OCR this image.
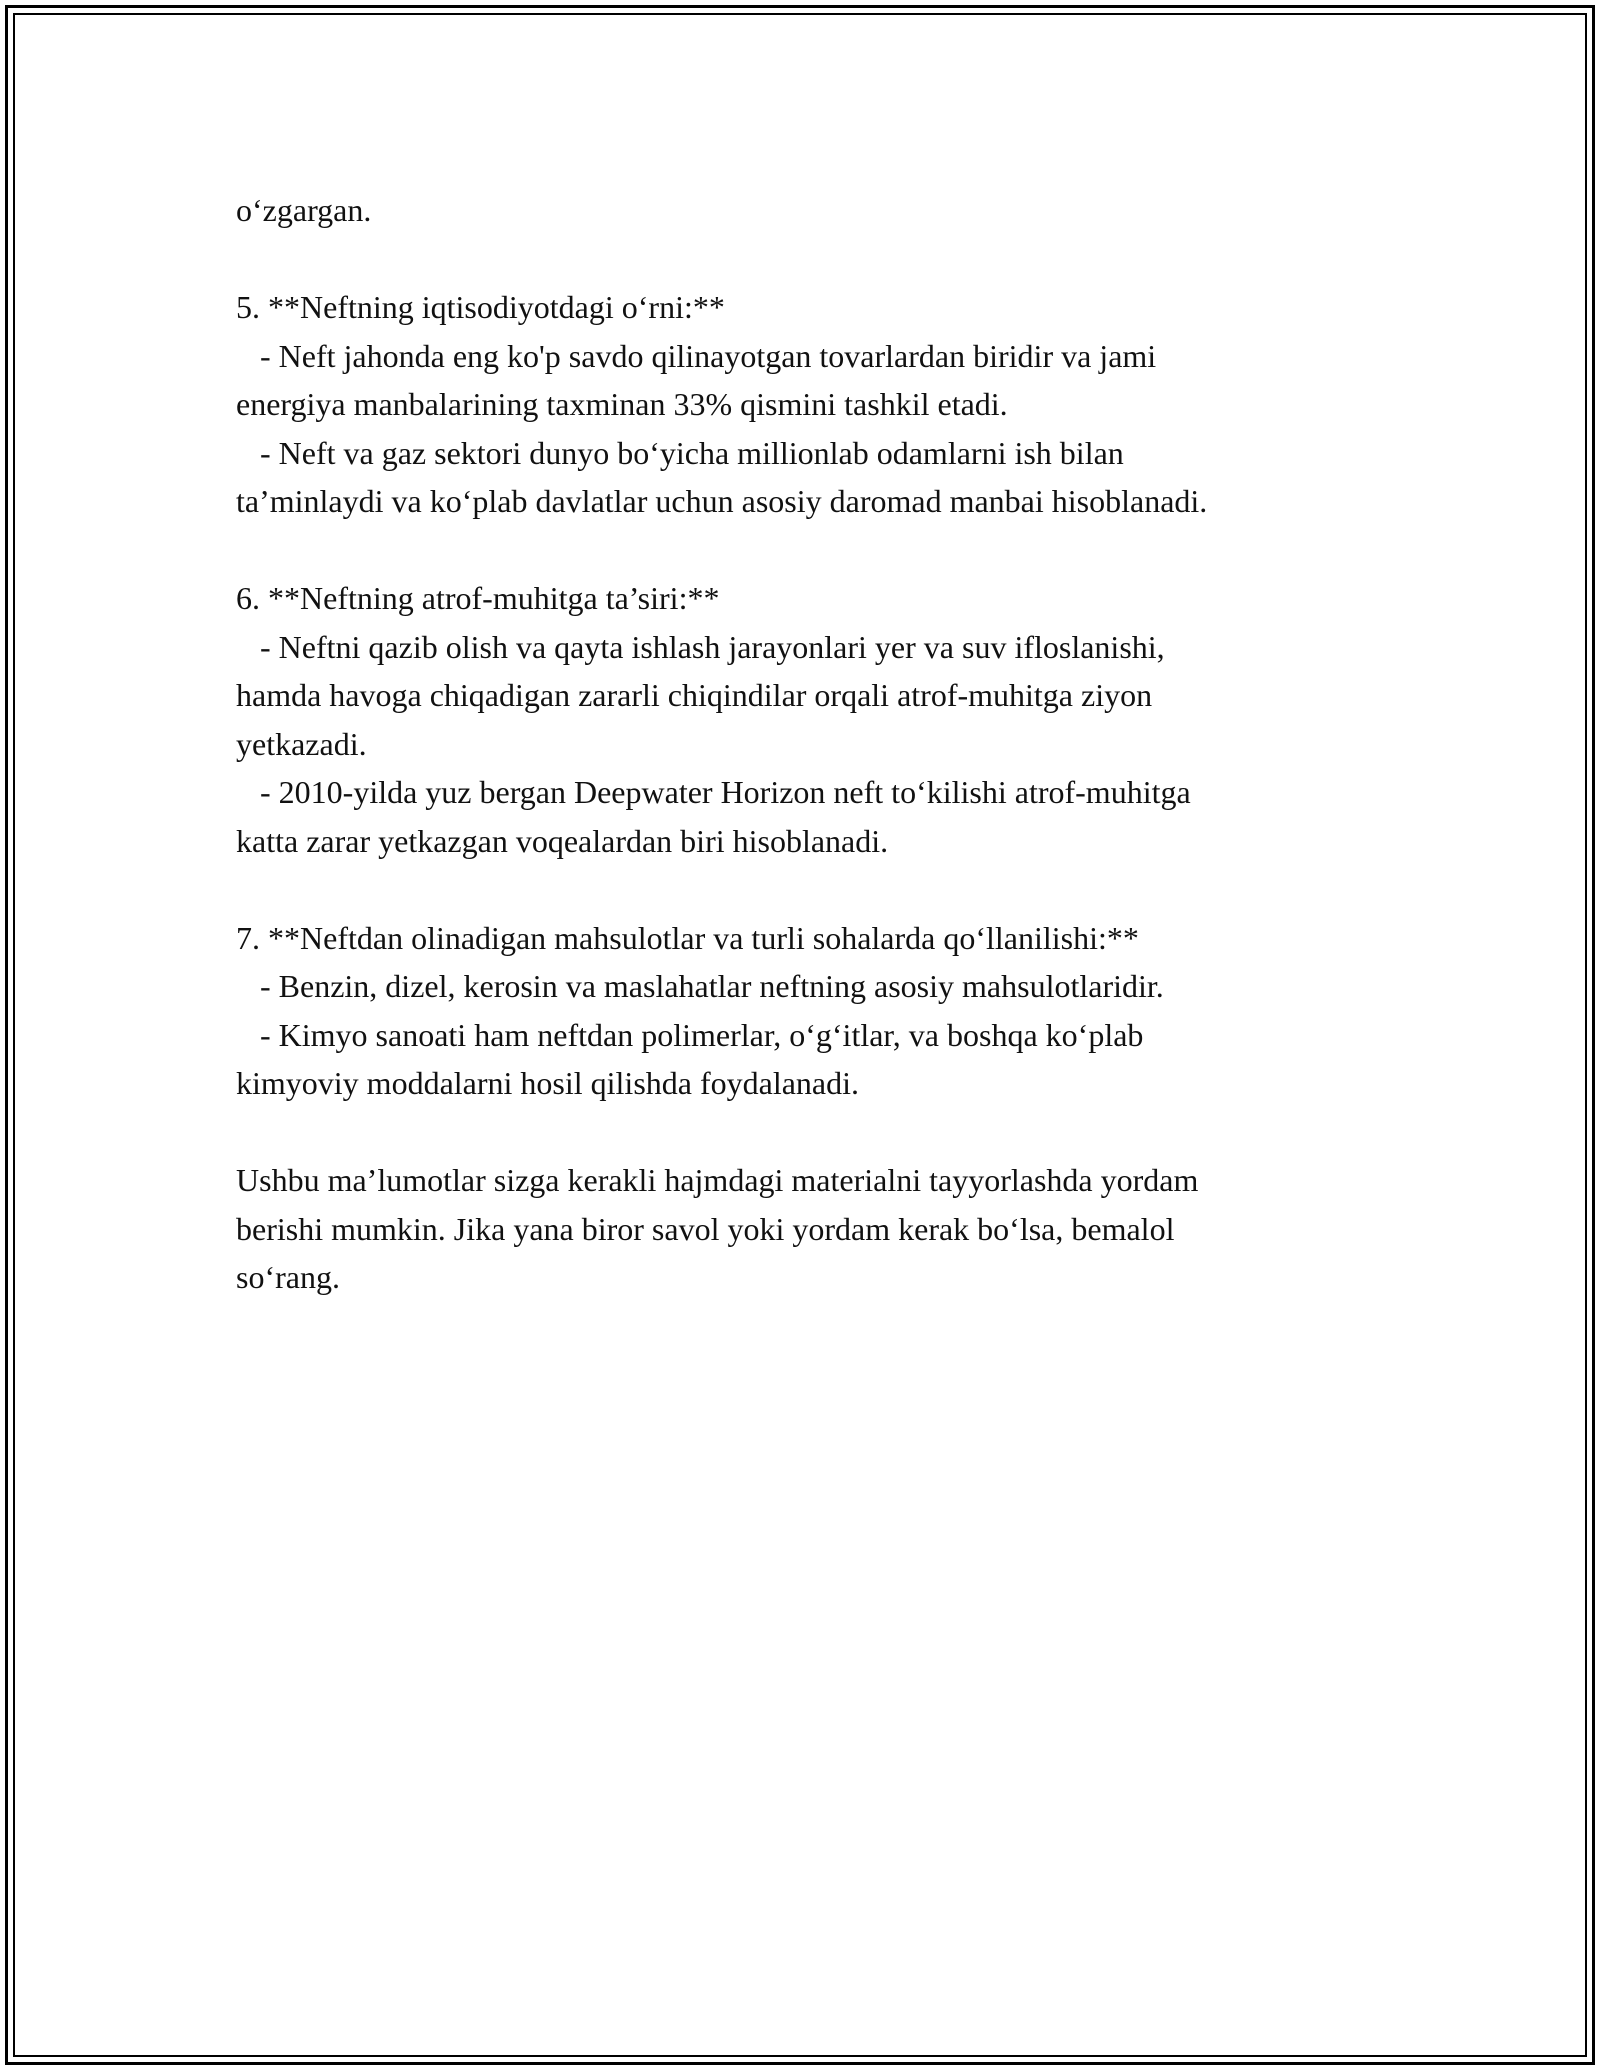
o‘zgargan.

5. **Neftning iqtisodiyotdagi o‘rni:**

- Neft jahonda eng ko'p savdo qilinayotgan tovarlardan biridir va jami

energiya manbalarining taxminan 33% qismini tashkil etadi.

- Neft va gaz sektori dunyo bo‘yicha millionlab odamlarni ish bilan

ta’minlaydi va ko‘plab davlatlar uchun asosiy daromad manbai hisoblanadi.

6. **Neftning atrof-muhitga ta’siri:**

- Neftni qazib olish va qayta ishlash jarayonlari yer va suv ifloslanishi,

hamda havoga chiqadigan zararli chiqindilar orqali atrof-muhitga ziyon

yetkazadi.

- 2010-yilda yuz bergan Deepwater Horizon neft to‘kilishi atrof-muhitga

katta zarar yetkazgan voqealardan biri hisoblanadi.

7. **Neftdan olinadigan mahsulotlar va turli sohalarda qo‘llanilishi:**

- Benzin, dizel, kerosin va maslahatlar neftning asosiy mahsulotlaridir.

- Kimyo sanoati ham neftdan polimerlar, o‘g‘itlar, va boshqa ko‘plab

kimyoviy moddalarni hosil qilishda foydalanadi.

Ushbu ma’lumotlar sizga kerakli hajmdagi materialni tayyorlashda yordam

berishi mumkin. Jika yana biror savol yoki yordam kerak bo‘lsa, bemalol

so‘rang.
